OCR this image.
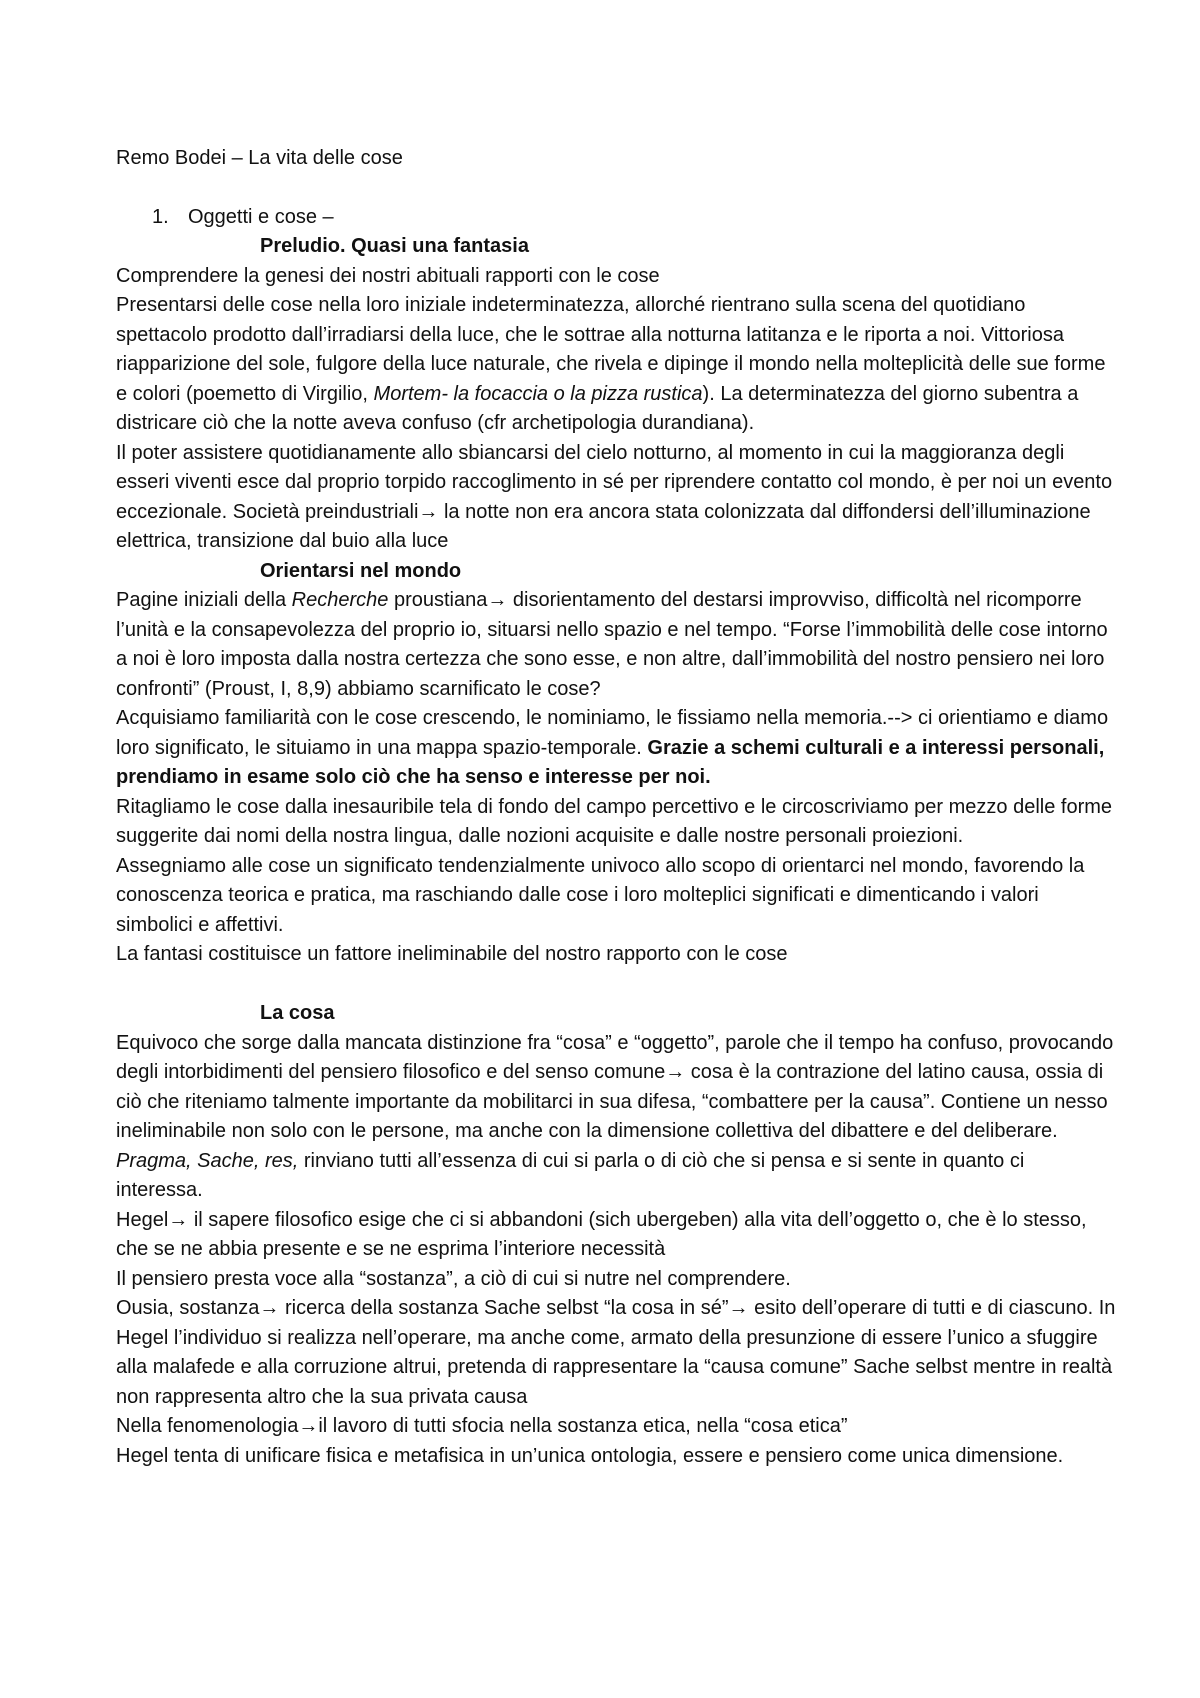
Remo Bodei – La vita delle cose
1. Oggetti e cose –

Preludio. Quasi una fantasia

Comprendere la genesi dei nostri abituali rapporti con le cose

Presentarsi delle cose nella loro iniziale indeterminatezza, allorché rientrano sulla scena del quotidiano spettacolo prodotto dall’irradiarsi della luce, che le sottrae alla notturna latitanza e le riporta a noi. Vittoriosa riapparizione del sole, fulgore della luce naturale, che rivela e dipinge il mondo nella molteplicità delle sue forme e colori (poemetto di Virgilio, Mortem- la focaccia o la pizza rustica). La determinatezza del giorno subentra a districare ciò che la notte aveva confuso (cfr archetipologia durandiana).

Il poter assistere quotidianamente allo sbiancarsi del cielo notturno, al momento in cui la maggioranza degli esseri viventi esce dal proprio torpido raccoglimento in sé per riprendere contatto col mondo, è per noi un evento eccezionale. Società preindustriali→ la notte non era ancora stata colonizzata dal diffondersi dell’illuminazione elettrica, transizione dal buio alla luce

Orientarsi nel mondo

Pagine iniziali della Recherche proustiana→ disorientamento del destarsi improvviso, difficoltà nel ricomporre l’unità e la consapevolezza del proprio io, situarsi nello spazio e nel tempo. “Forse l’immobilità delle cose intorno a noi è loro imposta dalla nostra certezza che sono esse, e non altre, dall’immobilità del nostro pensiero nei loro confronti” (Proust, I, 8,9) abbiamo scarnificato le cose?

Acquisiamo familiarità con le cose crescendo, le nominiamo, le fissiamo nella memoria.--> ci orientiamo e diamo loro significato, le situiamo in una mappa spazio-temporale. Grazie a schemi culturali e a interessi personali, prendiamo in esame solo ciò che ha senso e interesse per noi.

Ritagliamo le cose dalla inesauribile tela di fondo del campo percettivo e le circoscriviamo per mezzo delle forme suggerite dai nomi della nostra lingua, dalle nozioni acquisite e dalle nostre personali proiezioni.

Assegniamo alle cose un significato tendenzialmente univoco allo scopo di orientarci nel mondo, favorendo la conoscenza teorica e pratica, ma raschiando dalle cose i loro molteplici significati e dimenticando i valori simbolici e affettivi.

La fantasi costituisce un fattore ineliminabile del nostro rapporto con le cose

La cosa

Equivoco che sorge dalla mancata distinzione fra “cosa” e “oggetto”, parole che il tempo ha confuso, provocando degli intorbidimenti del pensiero filosofico e del senso comune→ cosa è la contrazione del latino causa, ossia di ciò che riteniamo talmente importante da mobilitarci in sua difesa, “combattere per la causa”. Contiene un nesso ineliminabile non solo con le persone, ma anche con la dimensione collettiva del dibattere e del deliberare. Pragma, Sache, res, rinviano tutti all’essenza di cui si parla o di ciò che si pensa e si sente in quanto ci interessa.

Hegel→ il sapere filosofico esige che ci si abbandoni (sich ubergeben) alla vita dell’oggetto o, che è lo stesso, che se ne abbia presente e se ne esprima l’interiore necessità

Il pensiero presta voce alla “sostanza”, a ciò di cui si nutre nel comprendere.

Ousia, sostanza→ ricerca della sostanza Sache selbst “la cosa in sé”→ esito dell’operare di tutti e di ciascuno. In Hegel l’individuo si realizza nell’operare, ma anche come, armato della presunzione di essere l’unico a sfuggire alla malafede e alla corruzione altrui, pretenda di rappresentare la “causa comune” Sache selbst mentre in realtà non rappresenta altro che la sua privata causa

Nella fenomenologia→il lavoro di tutti sfocia nella sostanza etica, nella “cosa etica”

Hegel tenta di unificare fisica e metafisica in un’unica ontologia, essere e pensiero come unica dimensione.
